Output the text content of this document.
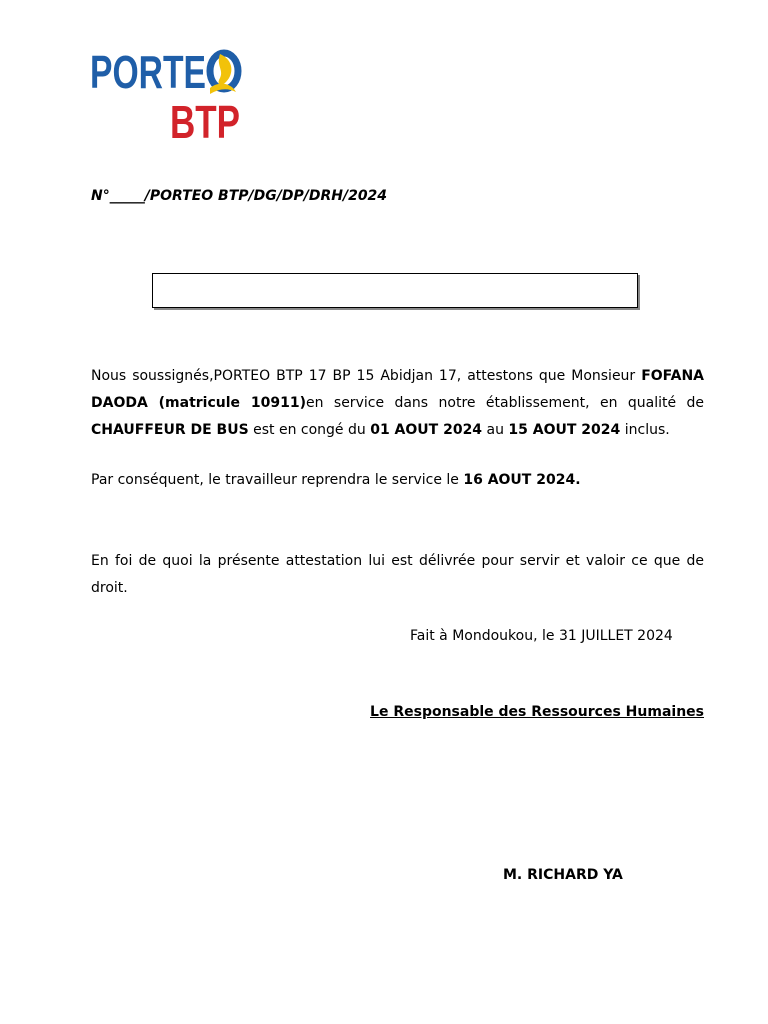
PORTE
BTP
N°_____/PORTEO BTP/DG/DP/DRH/2024
Nous soussignés,PORTEO BTP 17 BP 15 Abidjan 17, attestons que Monsieur FOFANA DAODA (matricule 10911)en service dans notre établissement, en qualité de CHAUFFEUR DE BUS est en congé du 01 AOUT 2024 au 15 AOUT 2024 inclus.
Par conséquent, le travailleur reprendra le service le 16 AOUT 2024.
En foi de quoi la présente attestation lui est délivrée pour servir et valoir ce que de droit.
Fait à Mondoukou, le 31 JUILLET 2024
Le Responsable des Ressources Humaines
M. RICHARD YA
